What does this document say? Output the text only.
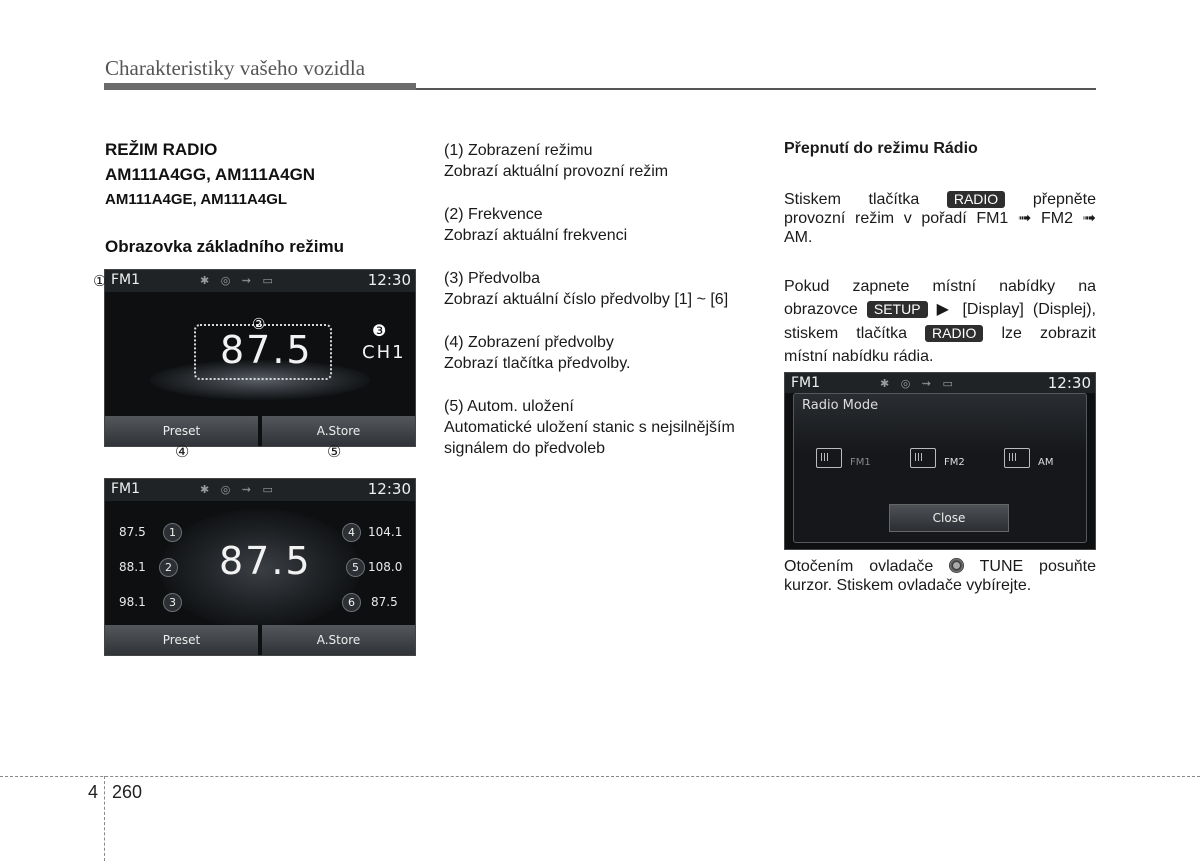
Charakteristiky vašeho vozidla
REŽIM RADIO
AM111A4GG, AM111A4GN
AM111A4GE, AM111A4GL
Obrazovka základního režimu
FM1	✱ ◎ ⇝ ▭	12:30
87.5	CH1
Preset	A.Store
①
②	❸
④	⑤
FM1	✱ ◎ ⇝ ▭	12:30
87.5
87.5	1
88.1	2
98.1	3
4	104.1
5 108.0
6	87.5
Preset	A.Store

(1) Zobrazení režimu
Zobrazí aktuální provozní režim

(2) Frekvence
Zobrazí aktuální frekvenci

(3) Předvolba
Zobrazí aktuální číslo předvolby [1] ~ [6]

(4) Zobrazení předvolby
Zobrazí tlačítka předvolby.

(5) Autom. uložení
Automatické uložení stanic s nejsilnějším signálem do předvoleb

Přepnutí do režimu Rádio
Stiskem tlačítka RADIO přepněte
provozní režim v pořadí FM1 ➟ FM2 ➟
AM.
Pokud zapnete místní nabídky na
obrazovce SETUP ▶ [Display] (Displej),
stiskem tlačítka RADIO lze zobrazit
místní nabídku rádia.
FM1	✱ ◎ ⇝ ▭	12:30
Radio Mode
FM1	FM2	AM
Close
Otočením ovladače	TUNE posuňte
kurzor. Stiskem ovladače vybírejte.
4 260
